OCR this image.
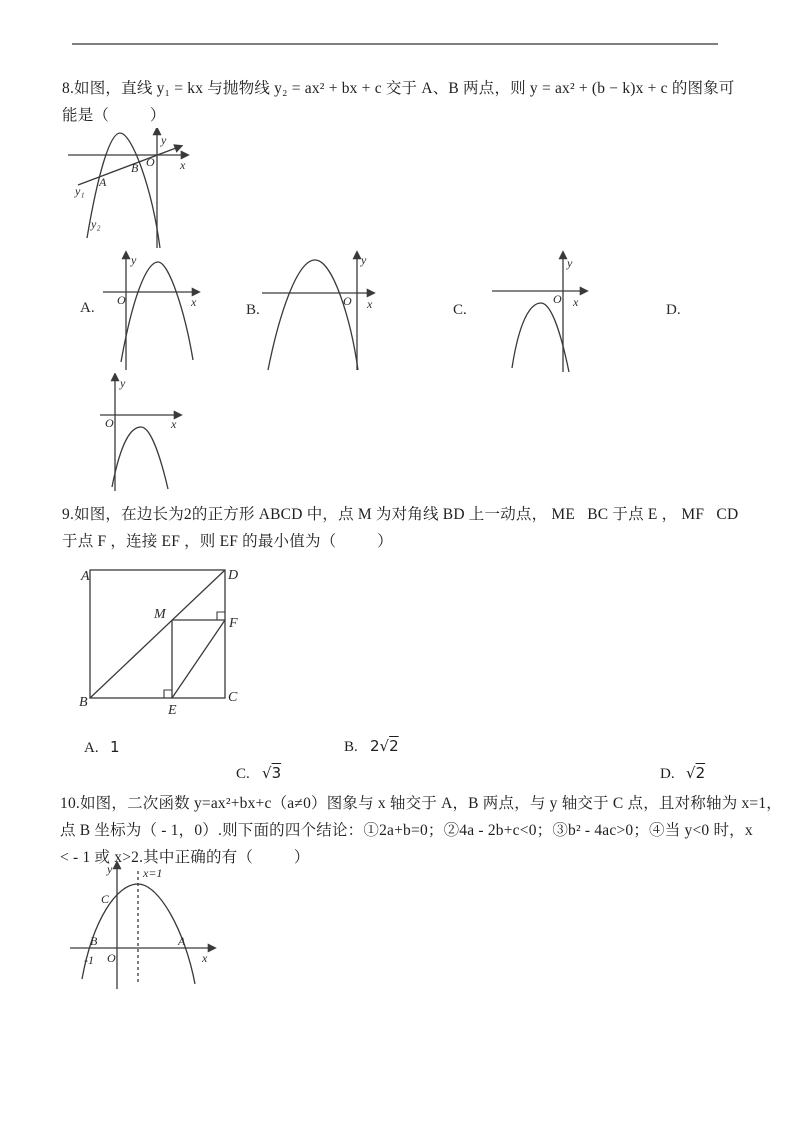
8.如图，直线 y₁ = kx 与抛物线 y₂ = ax² + bx + c 交于 A、B 两点，则 y = ax² + (b − k)x + c 的图象可
能是（          ）
y
x
O
A
B
y₁
y₂
A.	B.	C.	D.
O	x
y
O x
y
O x
y
O	x
y
9.如图，在边长为2的正方形 ABCD 中，点 M 为对角线 BD 上一动点， ME   BC 于点 E ， MF   CD
于点 F ，连接 EF ，则 EF 的最小值为（          ）
A	D
B	C
E
M
F
A. 1	B. 2√2
C. √3	D. √2
10.如图，二次函数 y=ax²+bx+c（a≠0）图象与 x 轴交于 A，B 两点，与 y 轴交于 C 点，且对称轴为 x=1，
点 B 坐标为（ - 1，0）.则下面的四个结论：①2a+b=0；②4a - 2b+c<0；③b² - 4ac>0；④当 y<0 时，x
< - 1 或 x>2.其中正确的有（          ）
y	x=1
x
O
B
-1
A
C
